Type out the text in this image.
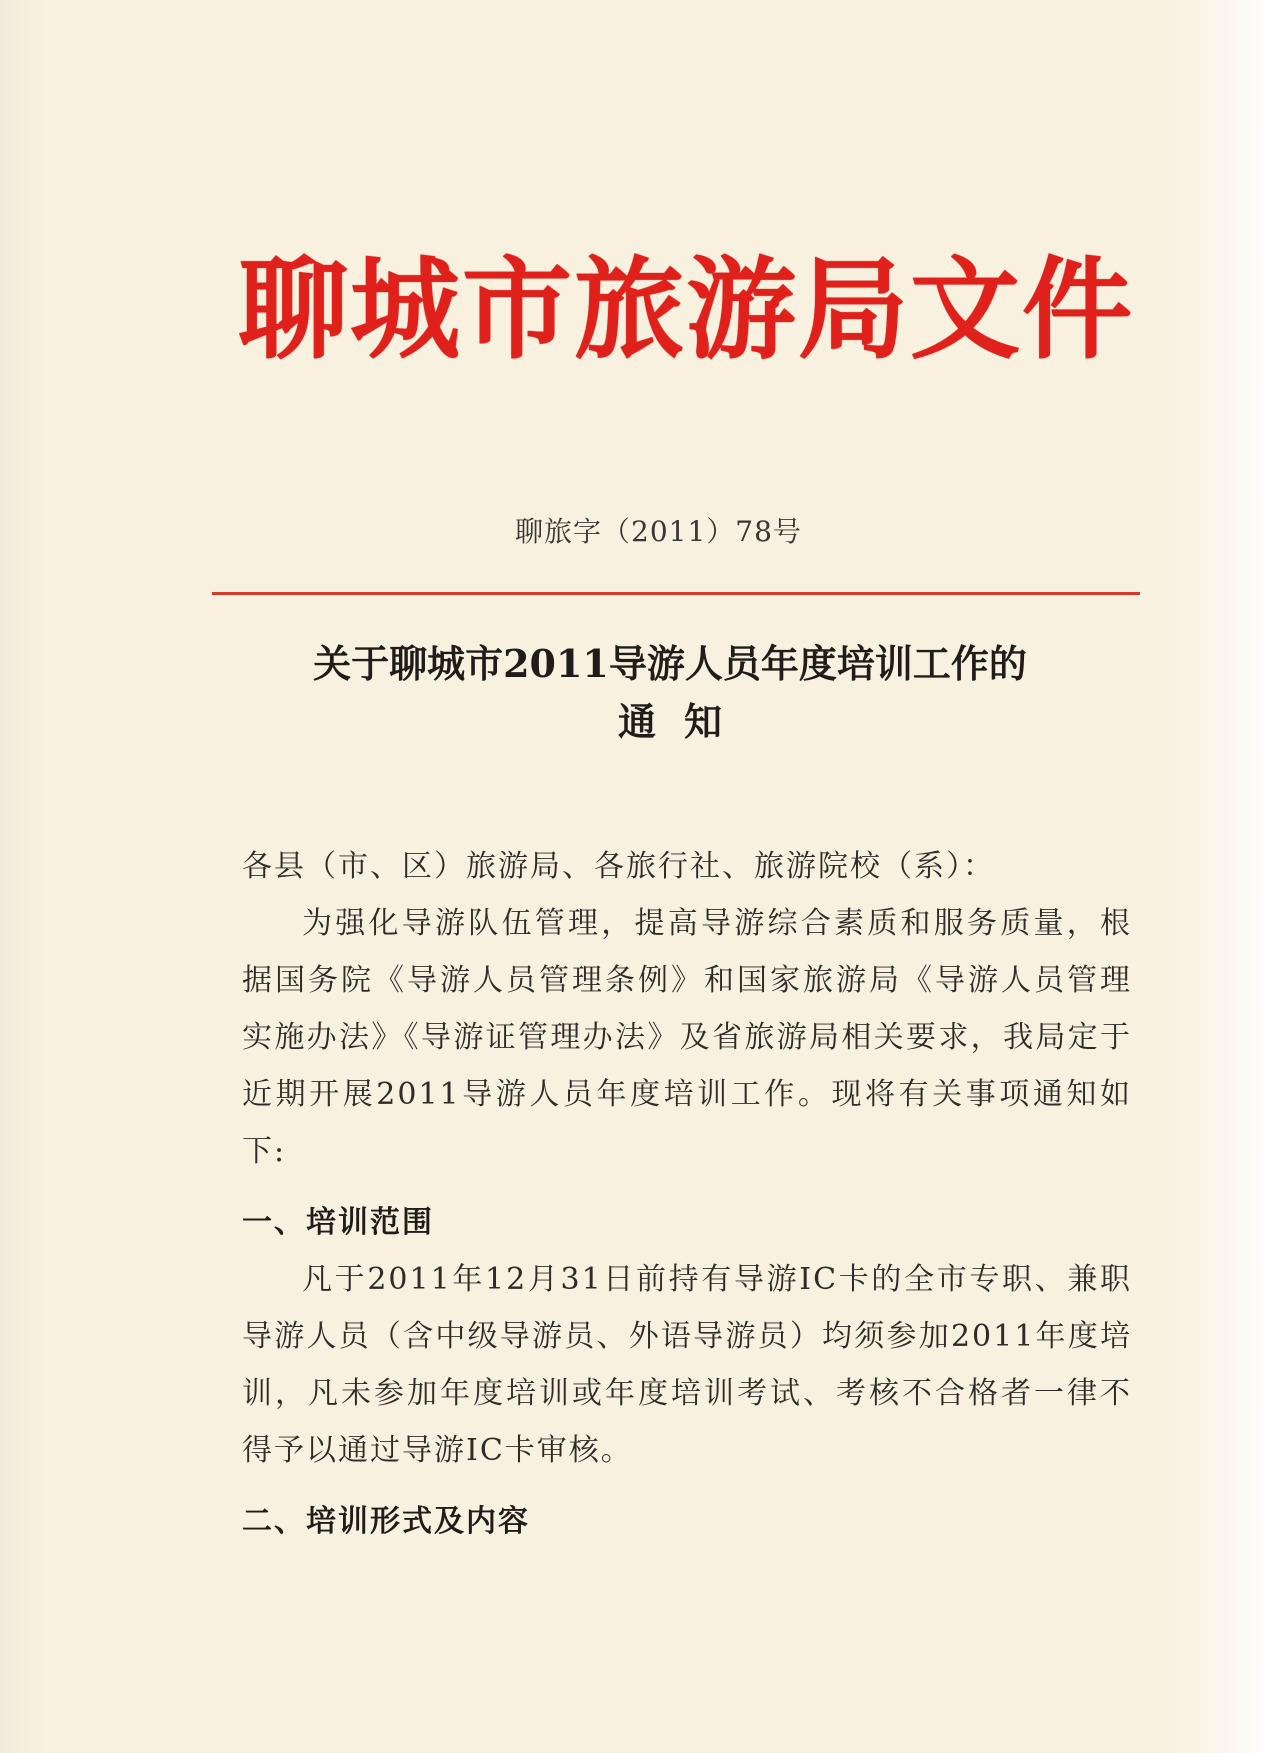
聊城市旅游局文件
聊旅字（2011）78号
关于聊城市2011导游人员年度培训工作的
通知

各县（市、区）旅游局、各旅行社、旅游院校（系）：

为强化导游队伍管理，提高导游综合素质和服务质量，根据国务院《导游人员管理条例》和国家旅游局《导游人员管理实施办法》《导游证管理办法》及省旅游局相关要求，我局定于近期开展2011导游人员年度培训工作。现将有关事项通知如下:

一、培训范围

凡于2011年12月31日前持有导游IC卡的全市专职、兼职导游人员（含中级导游员、外语导游员）均须参加2011年度培训，凡未参加年度培训或年度培训考试、考核不合格者一律不得予以通过导游IC卡审核。

二、培训形式及内容
